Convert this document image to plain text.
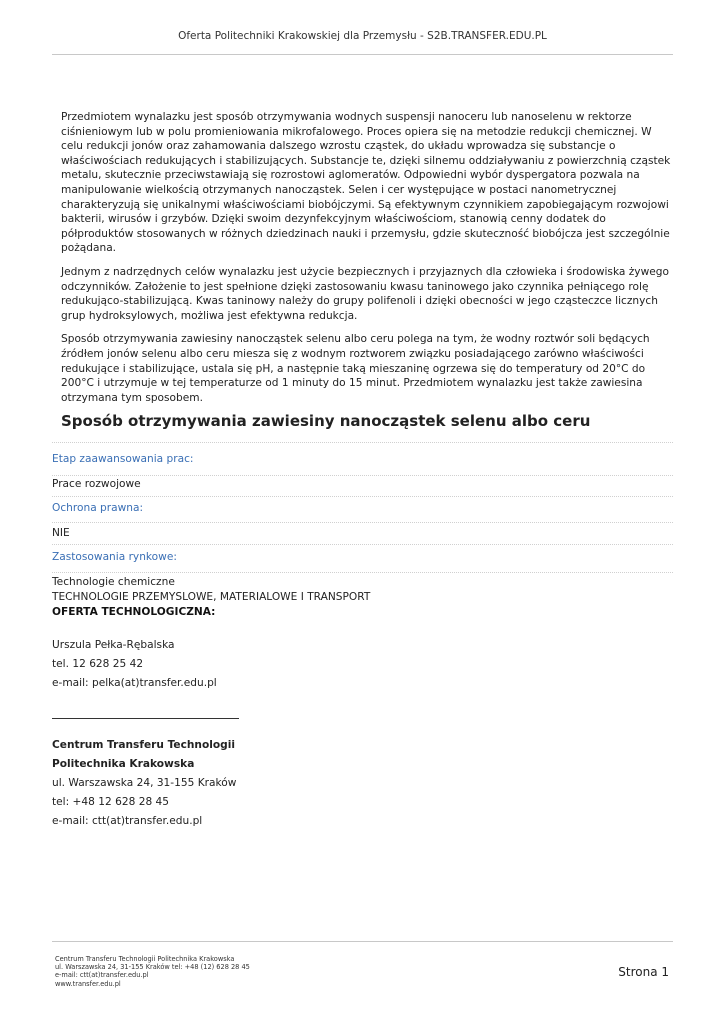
Oferta Politechniki Krakowskiej dla Przemysłu - S2B.TRANSFER.EDU.PL

Przedmiotem wynalazku jest sposób otrzymywania wodnych suspensji nanoceru lub nanoselenu w rektorze ciśnieniowym lub w polu promieniowania mikrofalowego. Proces opiera się na metodzie redukcji chemicznej. W celu redukcji jonów oraz zahamowania dalszego wzrostu cząstek, do układu wprowadza się substancje o właściwościach redukujących i stabilizujących. Substancje te, dzięki silnemu oddziaływaniu z powierzchnią cząstek metalu, skutecznie przeciwstawiają się rozrostowi aglomeratów. Odpowiedni wybór dyspergatora pozwala na manipulowanie wielkością otrzymanych nanocząstek. Selen i cer występujące w postaci nanometrycznej charakteryzują się unikalnymi właściwościami biobójczymi. Są efektywnym czynnikiem zapobiegającym rozwojowi bakterii, wirusów i grzybów. Dzięki swoim dezynfekcyjnym właściwościom, stanowią cenny dodatek do półproduktów stosowanych w różnych dziedzinach nauki i przemysłu, gdzie skuteczność biobójcza jest szczególnie pożądana.

Jednym z nadrzędnych celów wynalazku jest użycie bezpiecznych i przyjaznych dla człowieka i środowiska żywego odczynników. Założenie to jest spełnione dzięki zastosowaniu kwasu taninowego jako czynnika pełniącego rolę redukująco-stabilizującą. Kwas taninowy należy do grupy polifenoli i dzięki obecności w jego cząsteczce licznych grup hydroksylowych, możliwa jest efektywna redukcja.

Sposób otrzymywania zawiesiny nanocząstek selenu albo ceru polega na tym, że wodny roztwór soli będących źródłem jonów selenu albo ceru miesza się z wodnym roztworem związku posiadającego zarówno właściwości redukujące i stabilizujące, ustala się pH, a następnie taką mieszaninę ogrzewa się do temperatury od 20°C do 200°C i utrzymuje w tej temperaturze od 1 minuty do 15 minut. Przedmiotem wynalazku jest także zawiesina otrzymana tym sposobem.

Sposób otrzymywania zawiesiny nanocząstek selenu albo ceru
Etap zaawansowania prac:
Prace rozwojowe
Ochrona prawna:
NIE
Zastosowania rynkowe:
Technologie chemiczne
TECHNOLOGIE PRZEMYSLOWE, MATERIALOWE I TRANSPORT
OFERTA TECHNOLOGICZNA:
Urszula Pełka-Rębalska
tel. 12 628 25 42
e-mail: pelka(at)transfer.edu.pl
Centrum Transferu Technologii
Politechnika Krakowska
ul. Warszawska 24, 31-155 Kraków
tel: +48 12 628 28 45
e-mail: ctt(at)transfer.edu.pl
Centrum Transferu Technologii Politechnika Krakowska
ul. Warszawska 24, 31-155 Kraków tel: +48 (12) 628 28 45
e-mail: ctt(at)transfer.edu.pl
www.transfer.edu.pl
Strona 1
